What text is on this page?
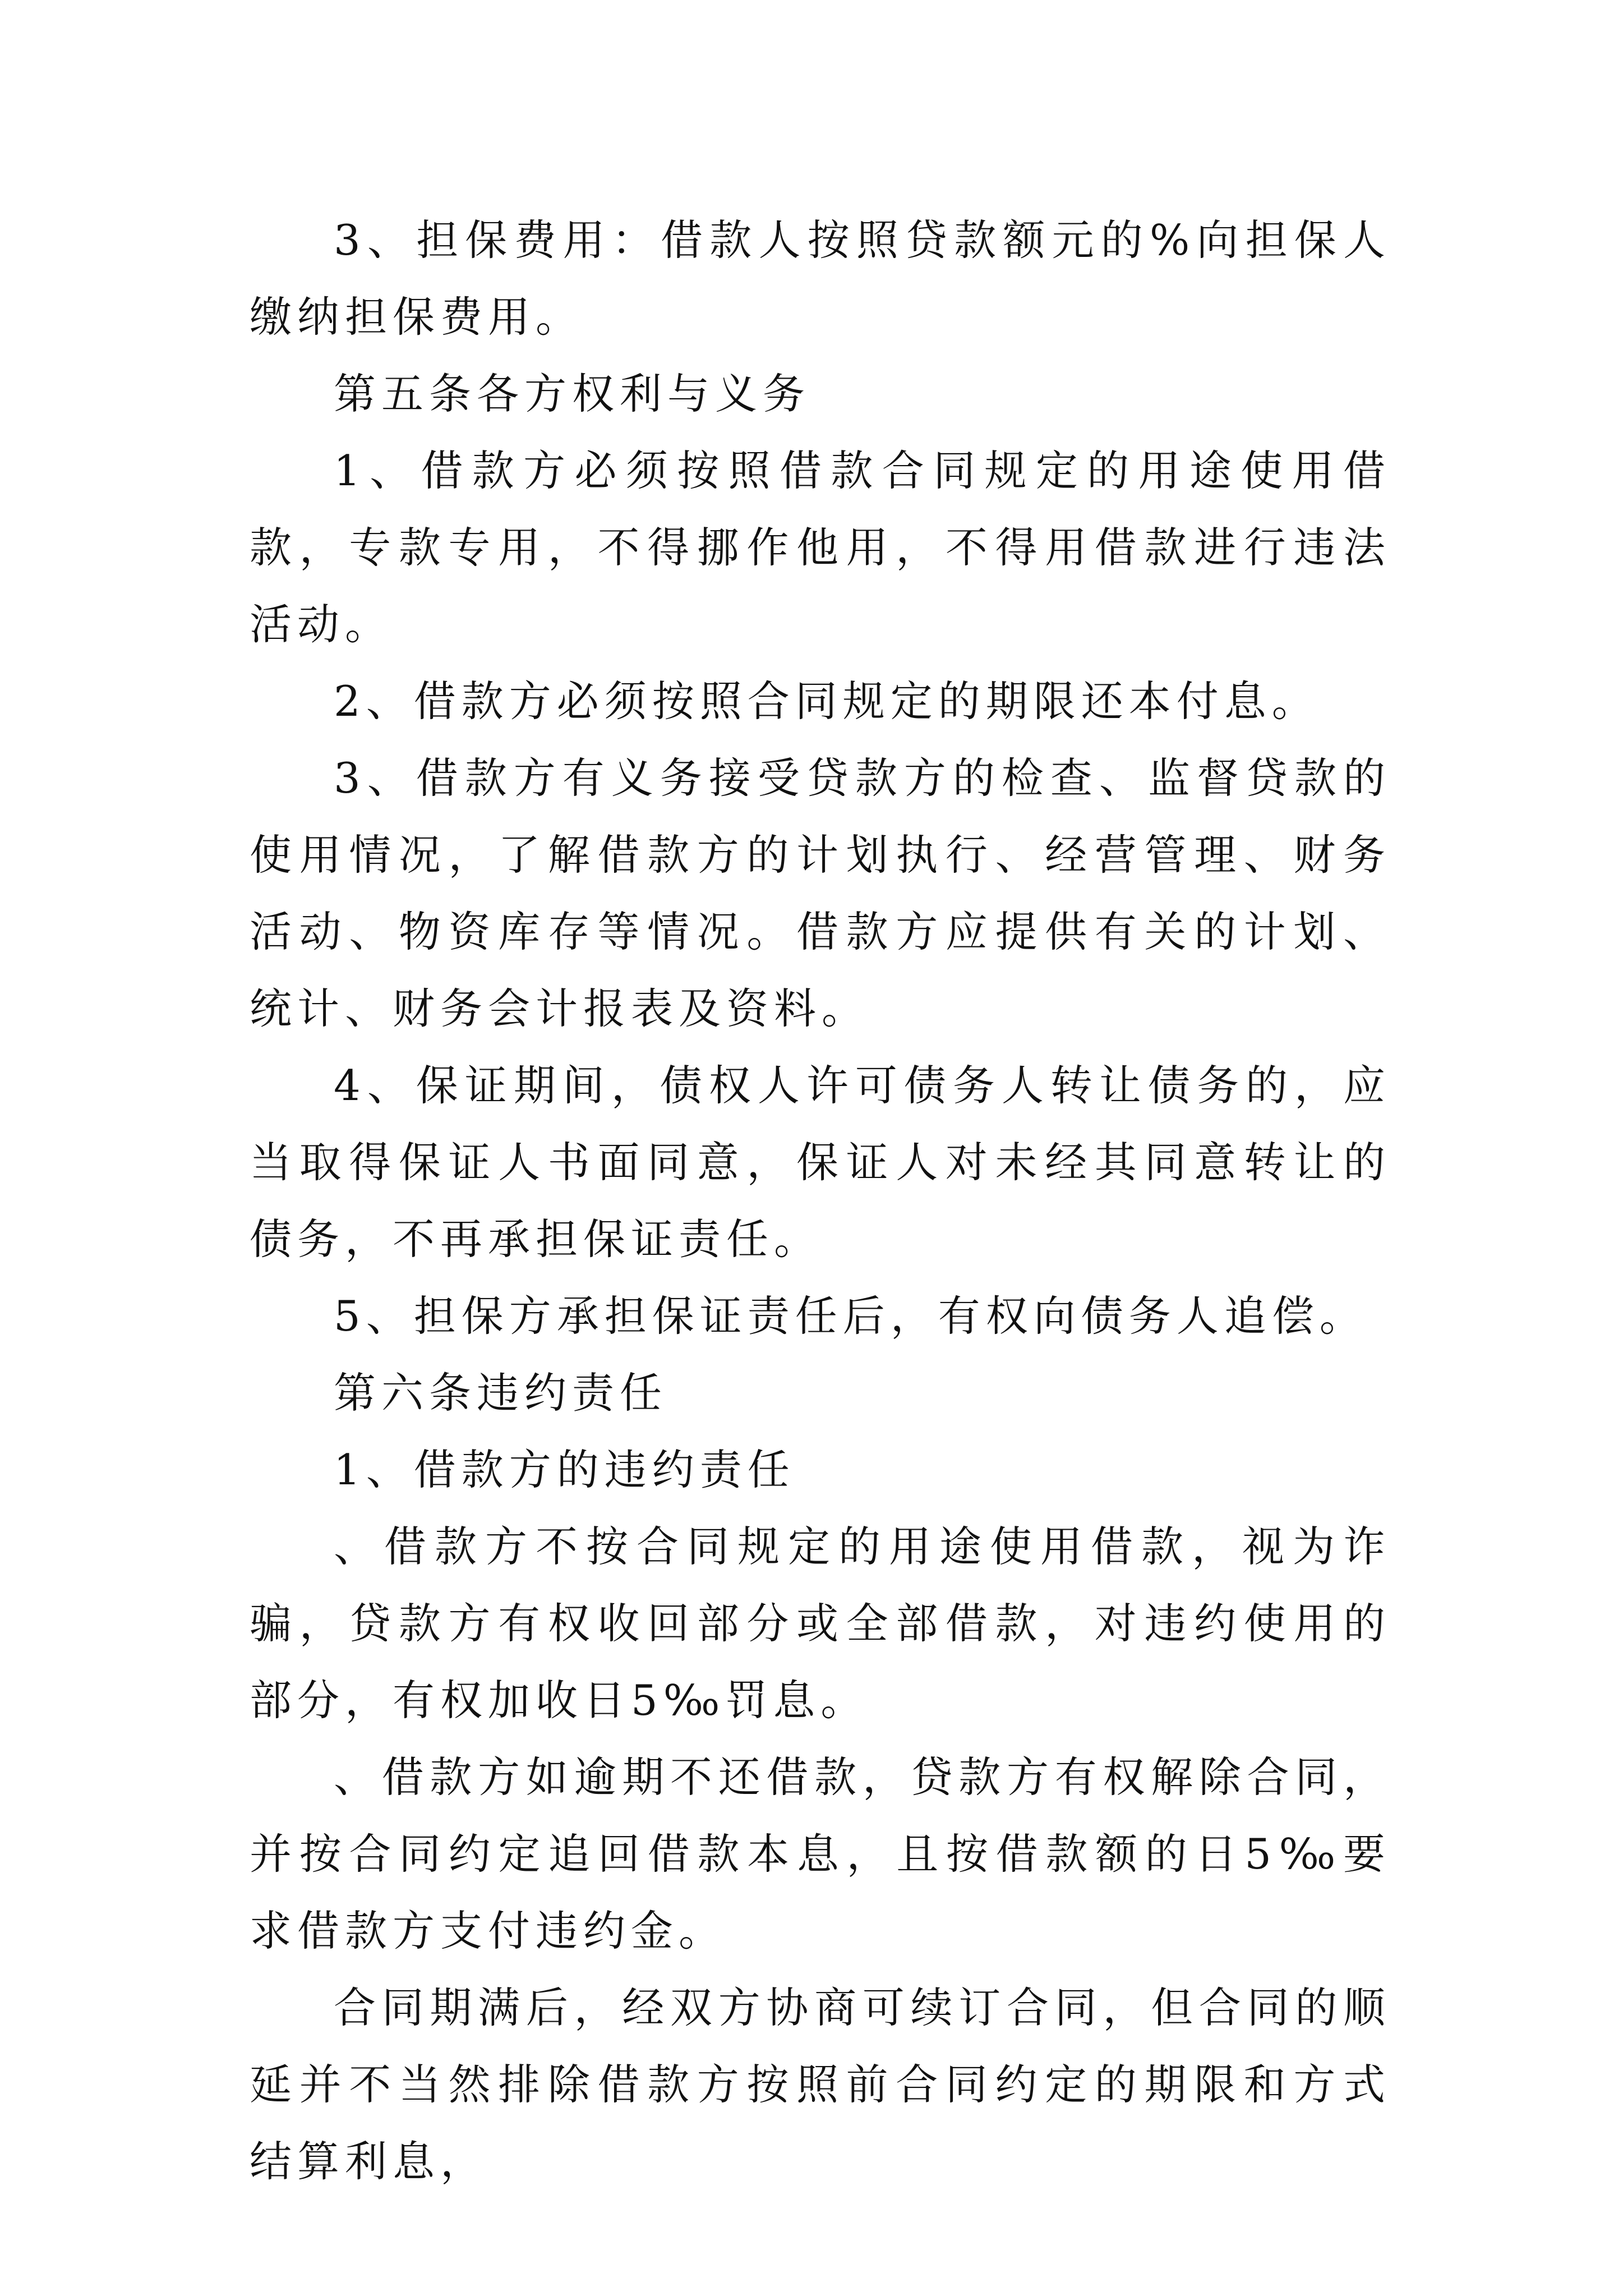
3、担保费用：借款人按照贷款额元的%向担保人缴纳担保费用。

第五条各方权利与义务

1、借款方必须按照借款合同规定的用途使用借款，专款专用，不得挪作他用，不得用借款进行违法活动。

2、借款方必须按照合同规定的期限还本付息。

3、借款方有义务接受贷款方的检查、监督贷款的使用情况，了解借款方的计划执行、经营管理、财务活动、物资库存等情况。借款方应提供有关的计划、统计、财务会计报表及资料。

4、保证期间，债权人许可债务人转让债务的，应当取得保证人书面同意，保证人对未经其同意转让的债务，不再承担保证责任。

5、担保方承担保证责任后，有权向债务人追偿。

第六条违约责任

1、借款方的违约责任

、借款方不按合同规定的用途使用借款，视为诈骗，贷款方有权收回部分或全部借款，对违约使用的部分，有权加收日5‰罚息。

、借款方如逾期不还借款，贷款方有权解除合同，并按合同约定追回借款本息，且按借款额的日5‰要求借款方支付违约金。

合同期满后，经双方协商可续订合同，但合同的顺延并不当然排除借款方按照前合同约定的期限和方式结算利息，
